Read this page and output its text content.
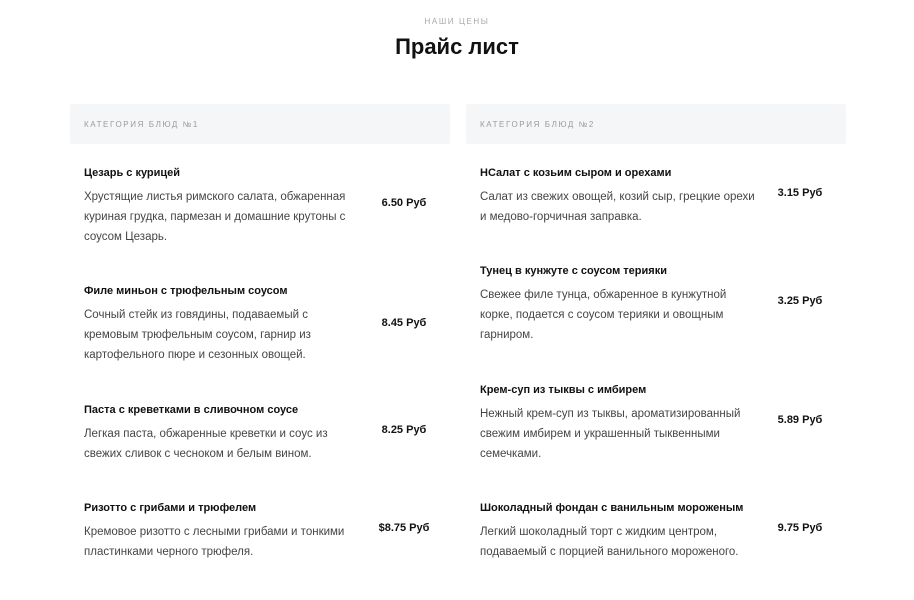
НАШИ ЦЕНЫ
Прайс лист
КАТЕГОРИЯ БЛЮД №1
Цезарь с курицей
Хрустящие листья римского салата, обжаренная куриная грудка, пармезан и домашние крутоны с соусом Цезарь.
6.50 Руб
Филе миньон с трюфельным соусом
Сочный стейк из говядины, подаваемый с кремовым трюфельным соусом, гарнир из картофельного пюре и сезонных овощей.
8.45 Руб
Паста с креветками в сливочном соусе
Легкая паста, обжаренные креветки и соус из свежих сливок с чесноком и белым вином.
8.25 Руб
Ризотто с грибами и трюфелем
Кремовое ризотто с лесными грибами и тонкими пластинками черного трюфеля.
$8.75 Руб
КАТЕГОРИЯ БЛЮД №2
НСалат с козьим сыром и орехами
Салат из свежих овощей, козий сыр, грецкие орехи и медово-горчичная заправка.
3.15 Руб
Тунец в кунжуте с соусом терияки
Свежее филе тунца, обжаренное в кунжутной корке, подается с соусом терияки и овощным гарниром.
3.25 Руб
Крем-суп из тыквы с имбирем
Нежный крем-суп из тыквы, ароматизированный свежим имбирем и украшенный тыквенными семечками.
5.89 Руб
Шоколадный фондан с ванильным мороженым
Легкий шоколадный торт с жидким центром, подаваемый с порцией ванильного мороженого.
9.75 Руб
